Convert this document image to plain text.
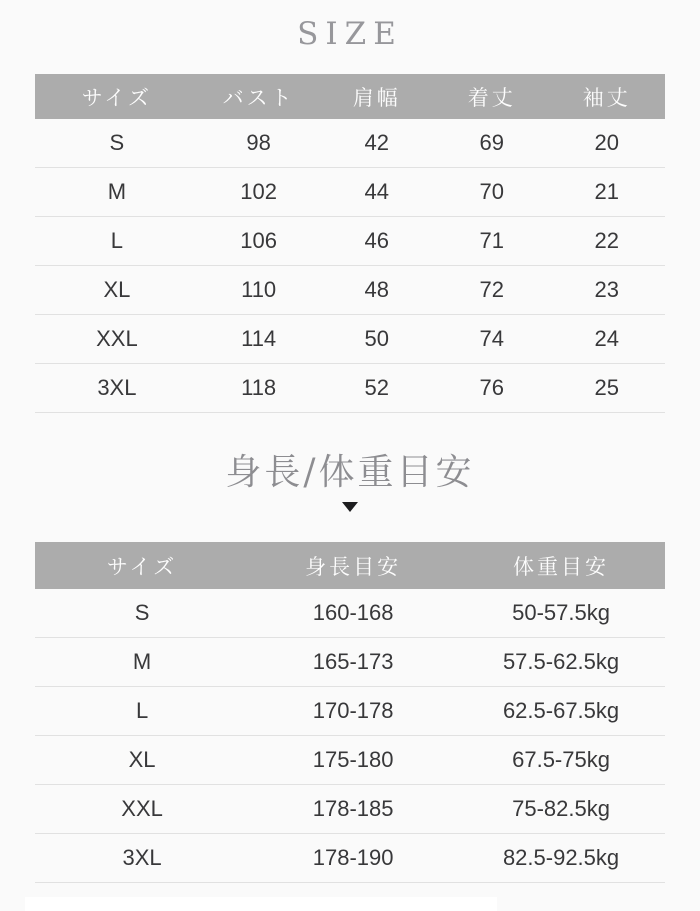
SIZE
サイズ	バスト	肩幅	着丈	袖丈
S	98	42	69	20
M	102	44	70	21
L	106	46	71	22
XL	110	48	72	23
XXL	114	50	74	24
3XL	118	52	76	25
身長/体重目安
サイズ	身長目安	体重目安
S	160-168	50-57.5kg
M	165-173	57.5-62.5kg
L	170-178	62.5-67.5kg
XL	175-180	67.5-75kg
XXL	178-185	75-82.5kg
3XL	178-190	82.5-92.5kg
